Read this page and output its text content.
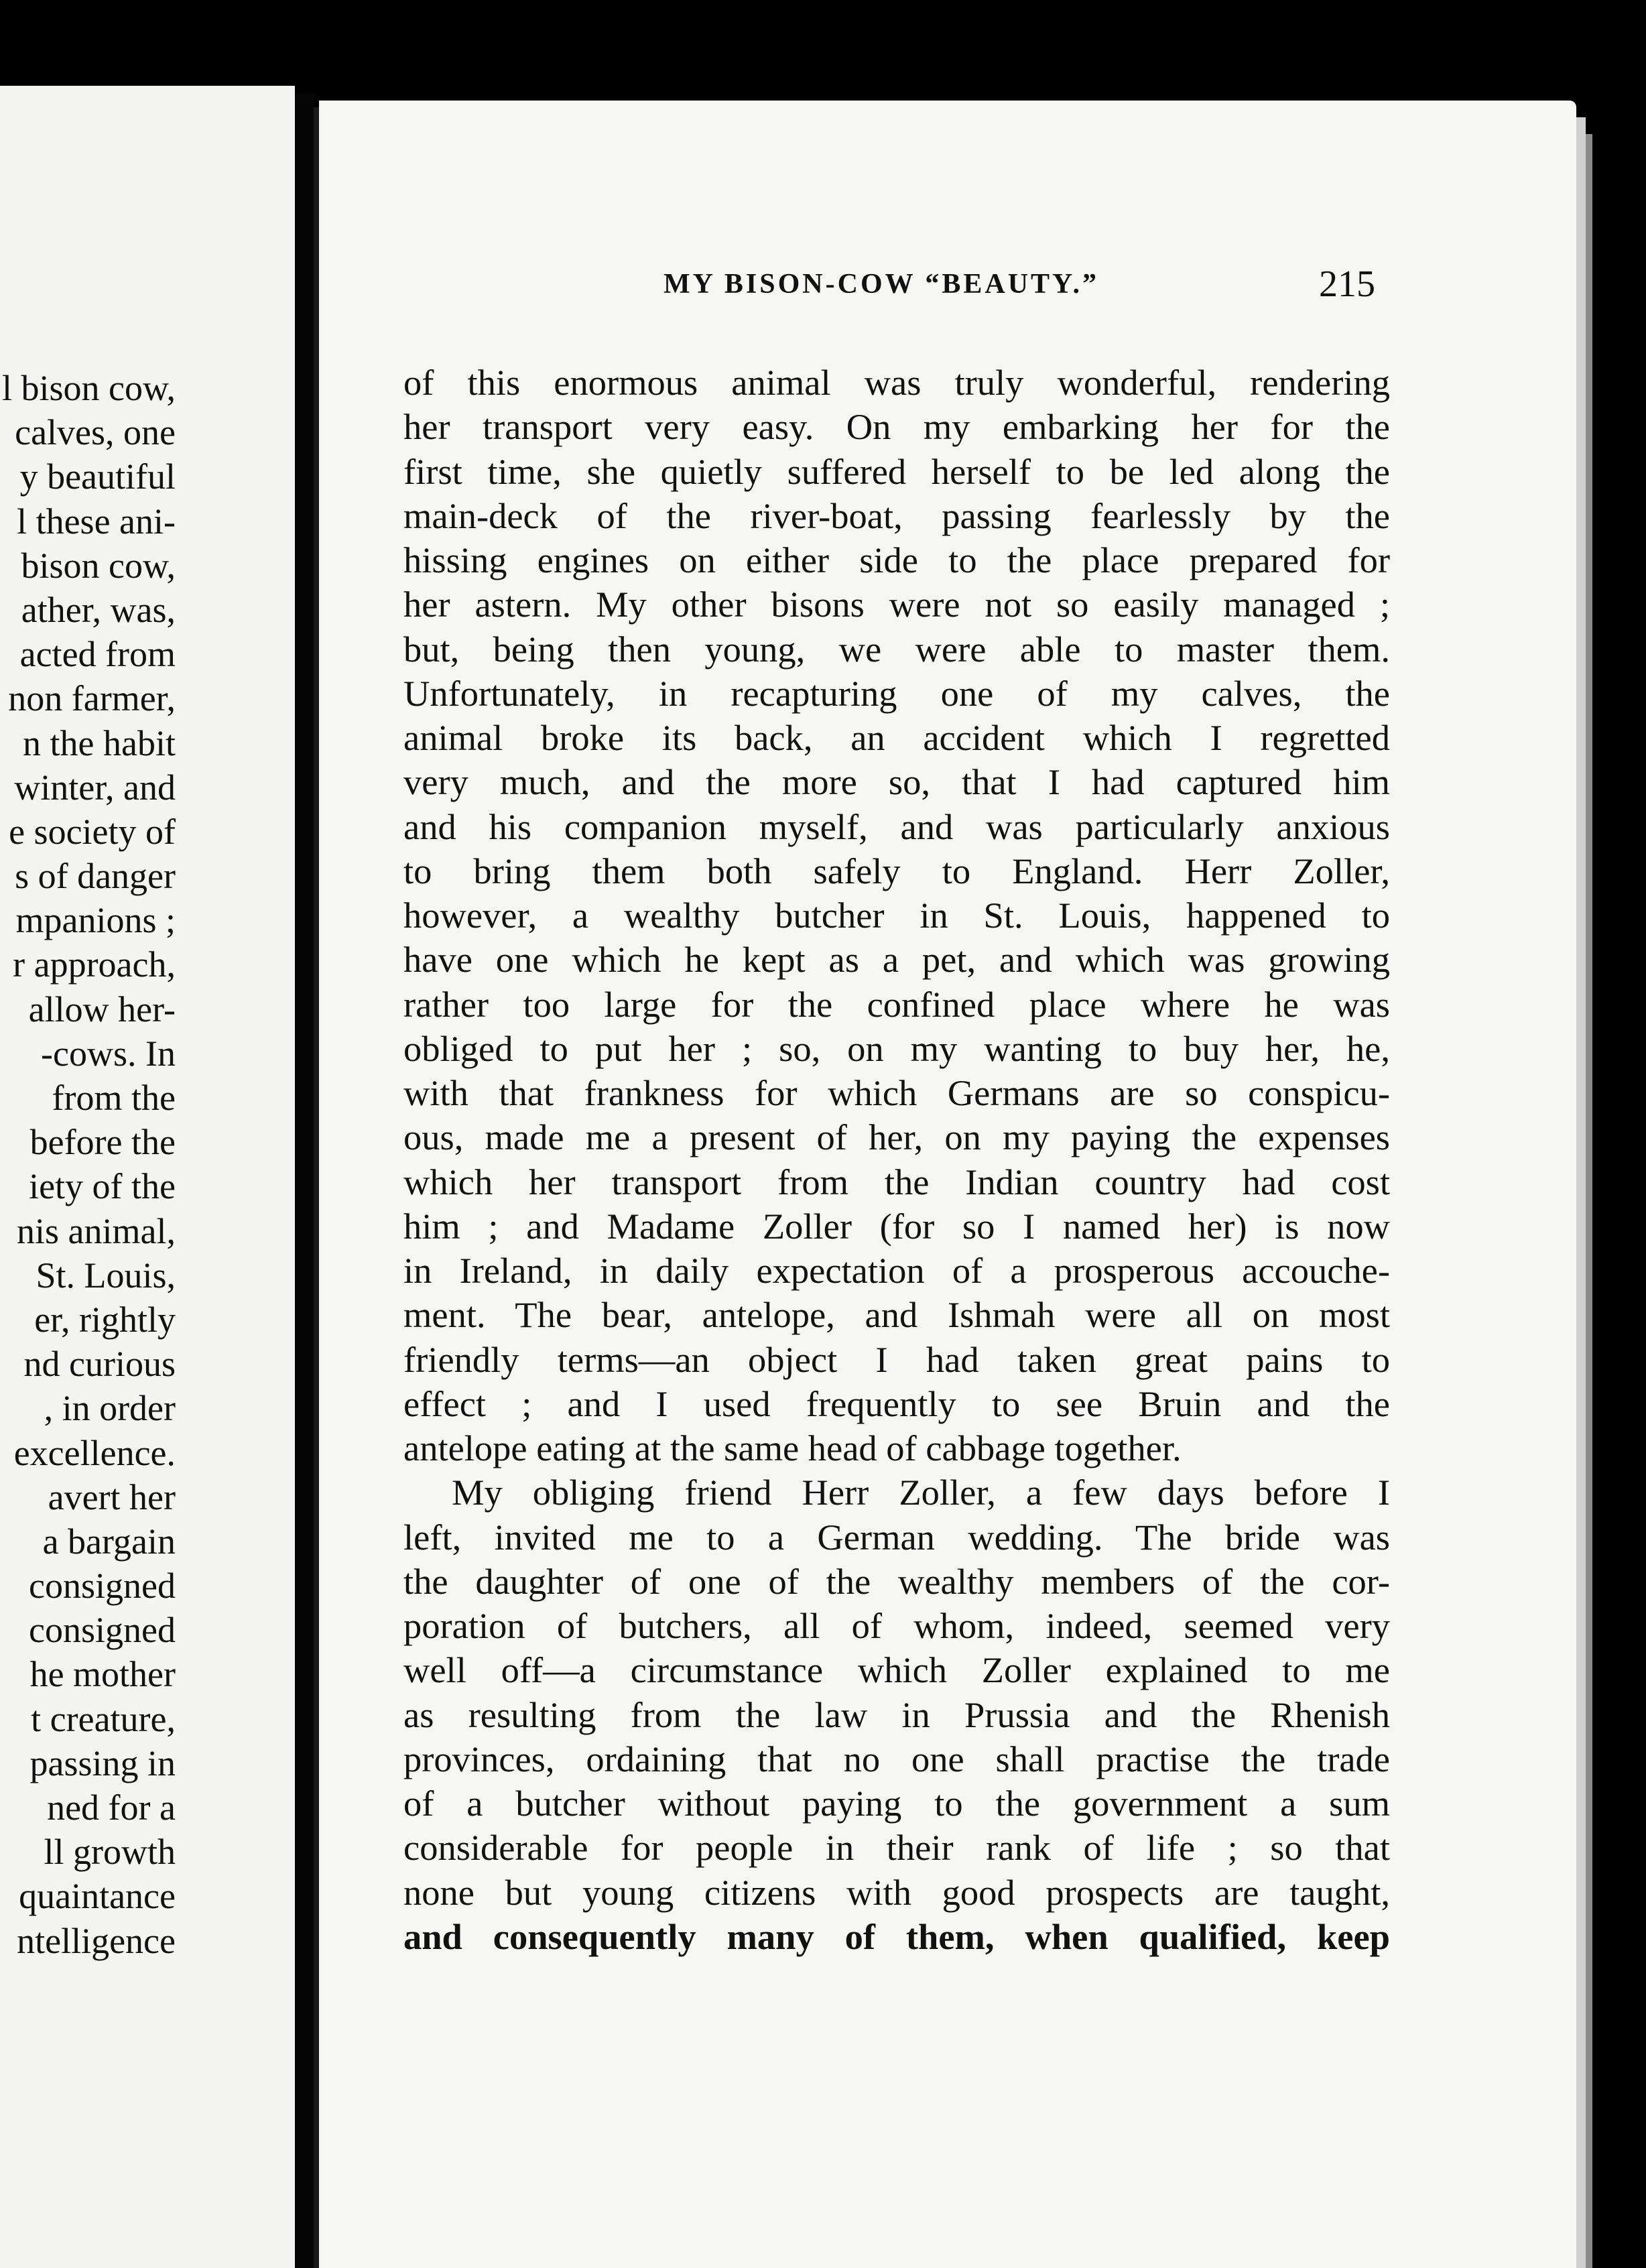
l bison cow,
calves, one
y beautiful
l these ani-
bison cow,
ather, was,
acted from
non farmer,
n the habit
winter, and
e society of
s of danger
mpanions ;
r approach,
allow her-
-cows. In
from the
before the
iety of the
nis animal,
St. Louis,
er, rightly
nd curious
, in order
excellence.
avert her
a bargain
consigned
consigned
he mother
t creature,
passing in
ned for a
ll growth
quaintance
ntelligence
MY BISON-COW “BEAUTY.”	215
of this enormous animal was truly wonderful, rendering
her transport very easy. On my embarking her for the
first time, she quietly suffered herself to be led along the
main-deck of the river-boat, passing fearlessly by the
hissing engines on either side to the place prepared for
her astern. My other bisons were not so easily managed ;
but, being then young, we were able to master them.
Unfortunately, in recapturing one of my calves, the
animal broke its back, an accident which I regretted
very much, and the more so, that I had captured him
and his companion myself, and was particularly anxious
to bring them both safely to England. Herr Zoller,
however, a wealthy butcher in St. Louis, happened to
have one which he kept as a pet, and which was growing
rather too large for the confined place where he was
obliged to put her ; so, on my wanting to buy her, he,
with that frankness for which Germans are so conspicu-
ous, made me a present of her, on my paying the expenses
which her transport from the Indian country had cost
him ; and Madame Zoller (for so I named her) is now
in Ireland, in daily expectation of a prosperous accouche-
ment. The bear, antelope, and Ishmah were all on most
friendly terms—an object I had taken great pains to
effect ; and I used frequently to see Bruin and the
antelope eating at the same head of cabbage together.
My obliging friend Herr Zoller, a few days before I
left, invited me to a German wedding. The bride was
the daughter of one of the wealthy members of the cor-
poration of butchers, all of whom, indeed, seemed very
well off—a circumstance which Zoller explained to me
as resulting from the law in Prussia and the Rhenish
provinces, ordaining that no one shall practise the trade
of a butcher without paying to the government a sum
considerable for people in their rank of life ; so that
none but young citizens with good prospects are taught,
and consequently many of them, when qualified, keep
